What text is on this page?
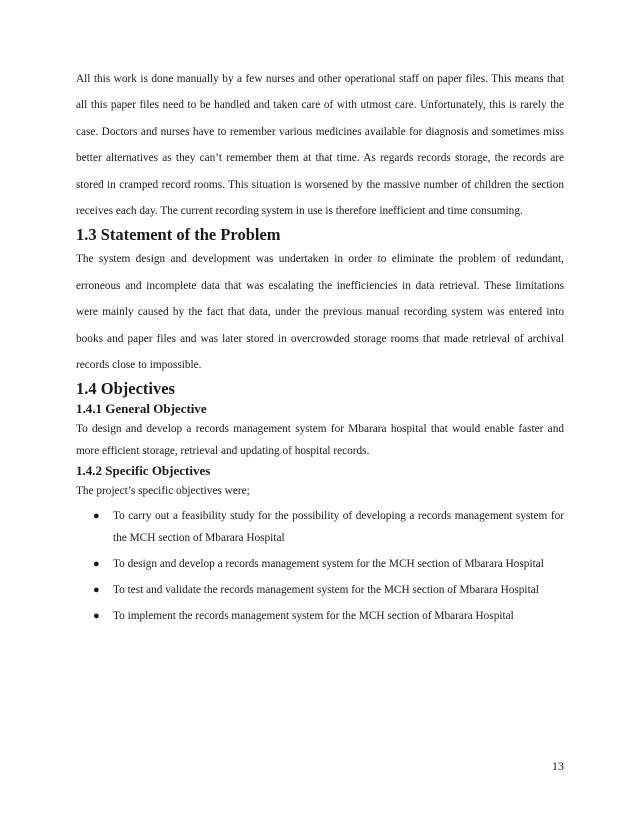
All this work is done manually by a few nurses and other operational staff on paper files. This means that all this paper files need to be handled and taken care of with utmost care. Unfortunately, this is rarely the case. Doctors and nurses have to remember various medicines available for diagnosis and sometimes miss better alternatives as they can’t remember them at that time. As regards records storage, the records are stored in cramped record rooms. This situation is worsened by the massive number of children the section receives each day. The current recording system in use is therefore inefficient and time consuming.

1.3 Statement of the Problem

The system design and development was undertaken in order to eliminate the problem of redundant, erroneous and incomplete data that was escalating the inefficiencies in data retrieval. These limitations were mainly caused by the fact that data, under the previous manual recording system was entered into books and paper files and was later stored in overcrowded storage rooms that made retrieval of archival records close to impossible.

1.4 Objectives
1.4.1 General Objective

To design and develop a records management system for Mbarara hospital that would enable faster and more efficient storage, retrieval and updating of hospital records.

1.4.2 Specific Objectives

The project’s specific objectives were;

● To carry out a feasibility study for the possibility of developing a records management system for the MCH section of Mbarara Hospital
● To design and develop a records management system for the MCH section of Mbarara Hospital
● To test and validate the records management system for the MCH section of Mbarara Hospital
● To implement the records management system for the MCH section of Mbarara Hospital
13
